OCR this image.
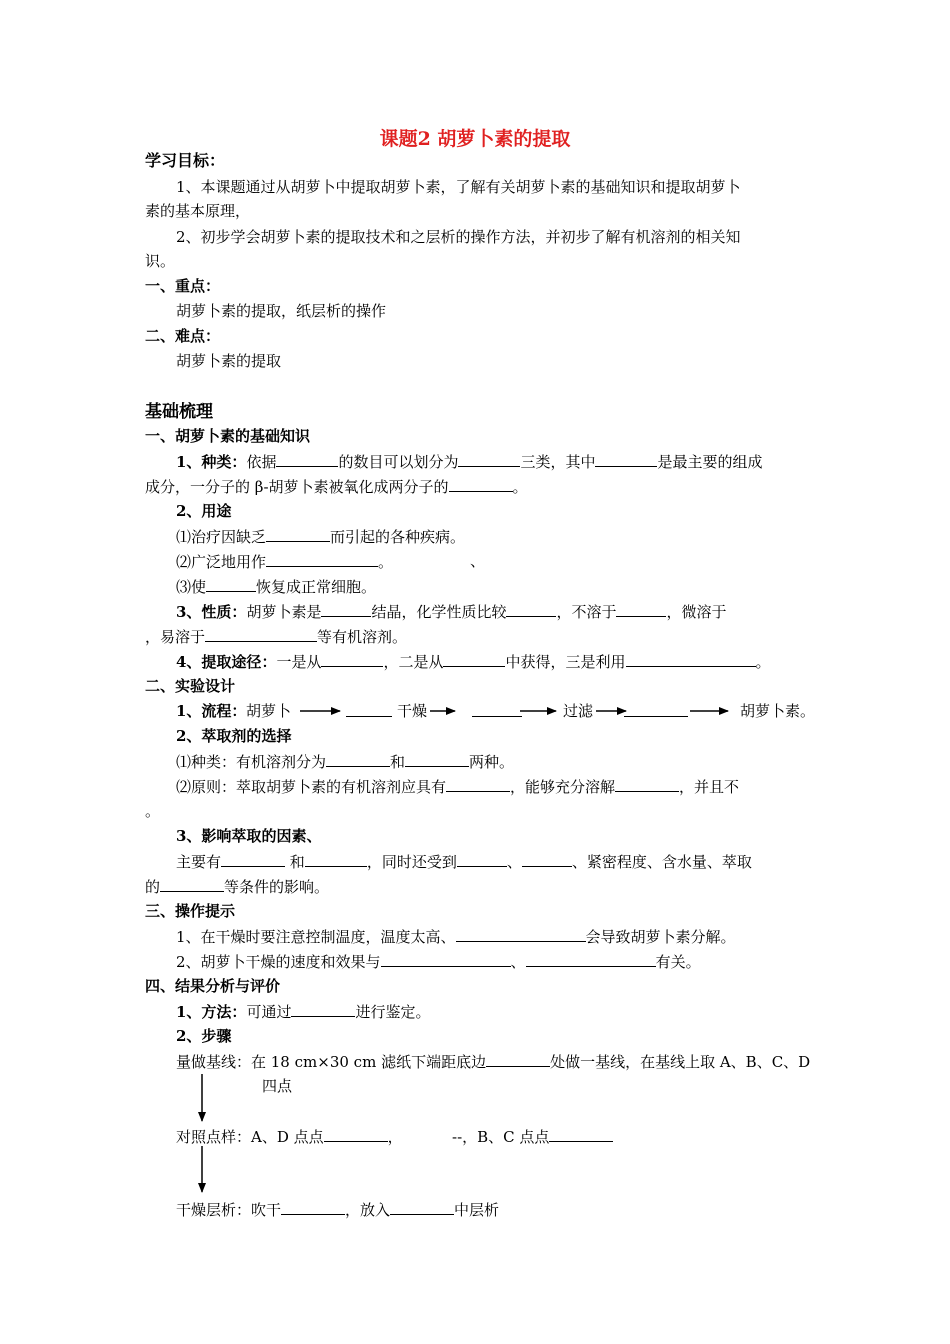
课题2 胡萝卜素的提取
学习目标：
1、本课题通过从胡萝卜中提取胡萝卜素，了解有关胡萝卜素的基础知识和提取胡萝卜
素的基本原理，
2、初步学会胡萝卜素的提取技术和之层析的操作方法，并初步了解有机溶剂的相关知
识。
一、重点：
胡萝卜素的提取，纸层析的操作
二、难点：
胡萝卜素的提取
基础梳理
一、胡萝卜素的基础知识
1、种类：依据	的数目可以划分为	三类，其中	是最主要的组成
成分，一分子的 β-胡萝卜素被氧化成两分子的	。
2、用途
⑴治疗因缺乏	而引起的各种疾病。
⑵广泛地用作	。	、
⑶使	恢复成正常细胞。
3、性质：胡萝卜素是	结晶，化学性质比较	，不溶于	，微溶于
，易溶于	等有机溶剂。
4、提取途径：一是从	，二是从	中获得，三是利用	。
二、实验设计
1、流程： 胡萝卜	干燥	过滤	胡萝卜素。
2、萃取剂的选择
⑴种类：有机溶剂分为	和	两种。
⑵原则：萃取胡萝卜素的有机溶剂应具有	，能够充分溶解	，并且不
。
3、影响萃取的因素、
主要有	和	，同时还受到	、	、紧密程度、含水量、萃取
的	等条件的影响。
三、操作提示
1、在干燥时要注意控制温度，温度太高、	会导致胡萝卜素分解。
2、胡萝卜干燥的速度和效果与	、	有关。
四、结果分析与评价
1、方法：可通过	进行鉴定。
2、步骤
量做基线：在 18 cm×30 cm 滤纸下端距底边	处做一基线，在基线上取 A、B、C、D
四点
对照点样：A、D 点点	，	--，B、C 点点
干燥层析：吹干	，放入	中层析
